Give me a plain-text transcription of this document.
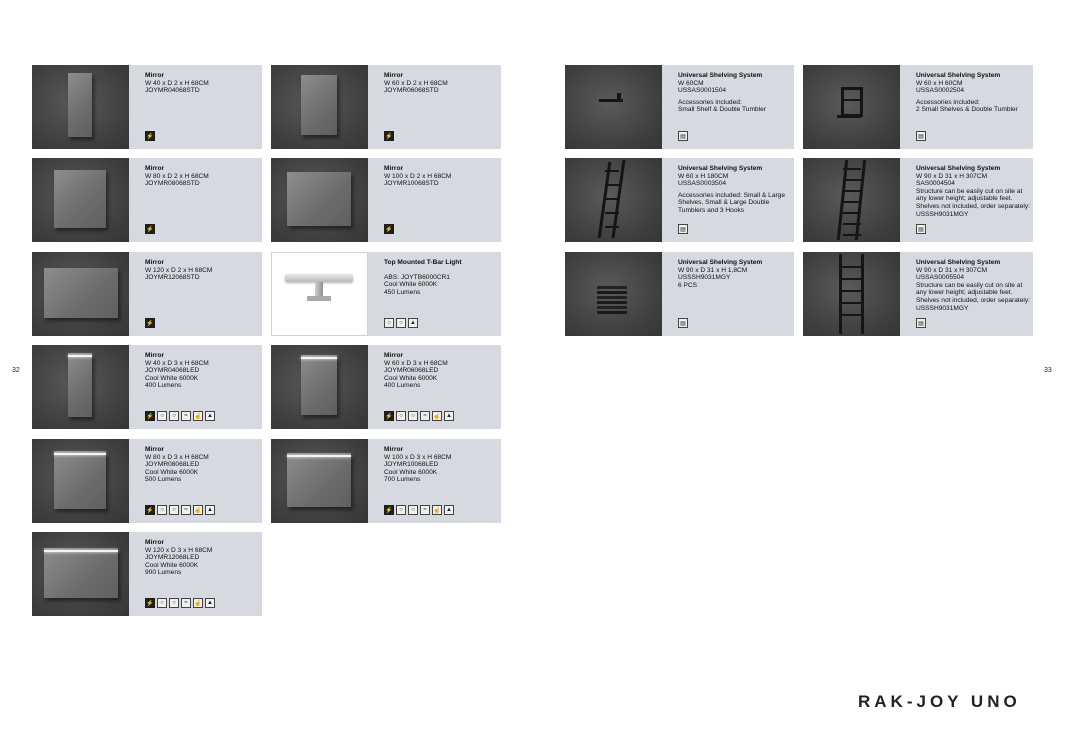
32	33
RAK-JOY UNO
Mirror
W 40 x D 2 x H 68CM
JOYMR04068STD
⚡
Mirror
W 60 x D 2 x H 68CM
JOYMR06068STD
⚡
Mirror
W 80 x D 2 x H 68CM
JOYMR08068STD
⚡
Mirror
W 100 x D 2 x H 68CM
JOYMR10068STD
⚡
Mirror
W 120 x D 2 x H 68CM
JOYMR12068STD
⚡
Top Mounted T-Bar Light
ABS: JOYTB6000CR1
Cool White 6000K
450 Lumens
○	○	▲
Mirror
W 40 x D 3 x H 68CM
JOYMR04068LED
Cool White 6000K
400 Lumens
⚡	○	○	≈	☝ ▲
Mirror
W 60 x D 3 x H 68CM
JOYMR06068LED
Cool White 6000K
400 Lumens
⚡	○	○	≈	☝ ▲
Mirror
W 80 x D 3 x H 68CM
JOYMR08068LED
Cool White 6000K
500 Lumens
⚡	○	○	≈	☝ ▲
Mirror
W 100 x D 3 x H 68CM
JOYMR10068LED
Cool White 6000K
700 Lumens
⚡	○	○	≈	☝ ▲
Mirror
W 120 x D 3 x H 68CM
JOYMR12068LED
Cool White 6000K
900 Lumens
⚡	○	○	≈	☝ ▲
Universal Shelving System
W 60CM
USSAS0001504
Accessories included:
Small Shelf & Double Tumbler
▤
Universal Shelving System
W 60 x H 60CM
USSAS0002504
Accessories included:
2 Small Shelves & Double Tumbler
▤
Universal Shelving System
W 60 x H 180CM
USSAS0003504
Accessories included: Small & Large Shelves, Small & Large Double Tumblers and 3 Hooks
▤
Universal Shelving System
W 90 x D 31 x H 307CM
SAS0004504
Structure can be easily cut on site at any lower height; adjustable feet.
Shelves not included, order separately: USSSH9031MGY
▤
Universal Shelving System
W 90 x D 31 x H 1,8CM
USSSH9031MGY
6 PCS
▤
Universal Shelving System
W 90 x D 31 x H 307CM
USSAS0005504
Structure can be easily cut on site at any lower height; adjustable feet.
Shelves not included, order separately: USSSH9031MGY
▤
